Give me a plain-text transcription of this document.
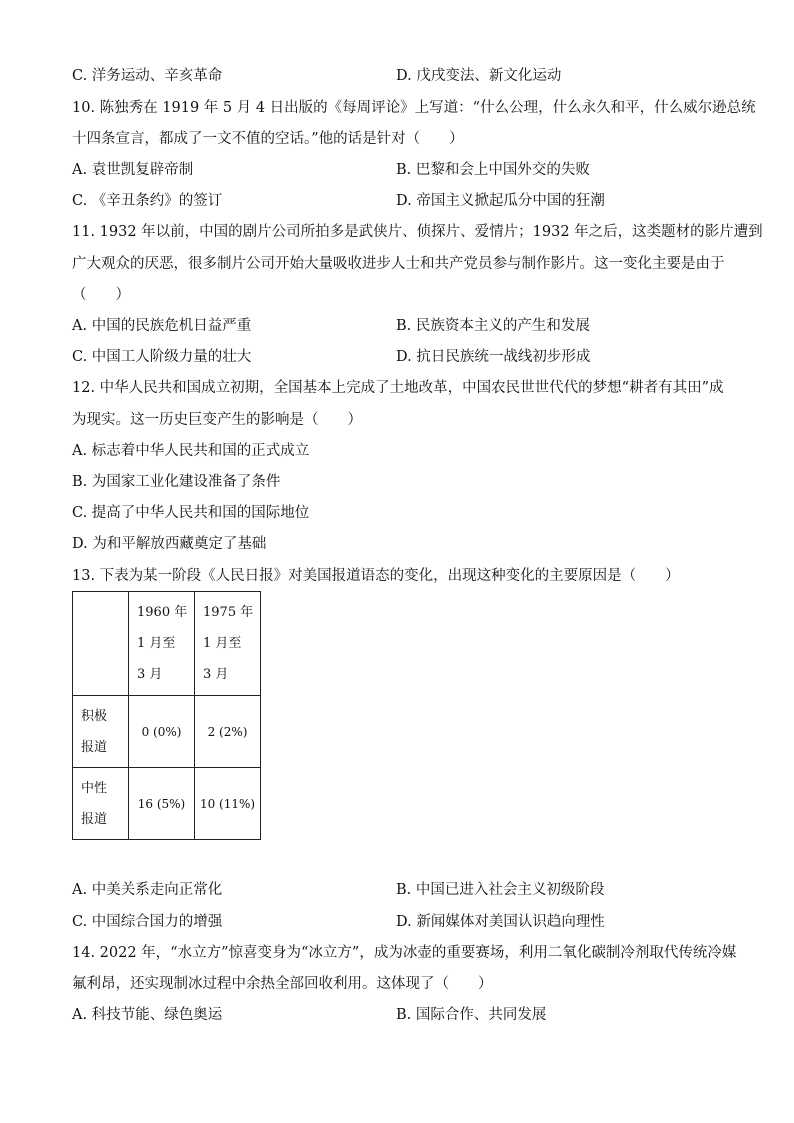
C. 洋务运动、辛亥革命	D. 戊戌变法、新文化运动
10. 陈独秀在 1919 年 5 月 4 日出版的《每周评论》上写道：“什么公理，什么永久和平，什么威尔逊总统
十四条宣言，都成了一文不值的空话。”他的话是针对（　　）
A. 袁世凯复辟帝制	B. 巴黎和会上中国外交的失败
C. 《辛丑条约》的签订	D. 帝国主义掀起瓜分中国的狂潮
11. 1932 年以前，中国的剧片公司所拍多是武侠片、侦探片、爱情片；1932 年之后，这类题材的影片遭到
广大观众的厌恶，很多制片公司开始大量吸收进步人士和共产党员参与制作影片。这一变化主要是由于
（　　）
A. 中国的民族危机日益严重	B. 民族资本主义的产生和发展
C. 中国工人阶级力量的壮大	D. 抗日民族统一战线初步形成
12. 中华人民共和国成立初期，全国基本上完成了土地改革，中国农民世世代代的梦想“耕者有其田”成
为现实。这一历史巨变产生的影响是（　　）
A. 标志着中华人民共和国的正式成立
B. 为国家工业化建设准备了条件
C. 提高了中华人民共和国的国际地位
D. 为和平解放西藏奠定了基础
13. 下表为某一阶段《人民日报》对美国报道语态的变化，出现这种变化的主要原因是（　　）

	1960 年
1 月至
3 月	1975 年
1 月至
3 月

积极
报道	0 (0%)	2 (2%)

中性
报道	16 (5%)	10 (11%)
A. 中美关系走向正常化	B. 中国已进入社会主义初级阶段
C. 中国综合国力的增强	D. 新闻媒体对美国认识趋向理性
14. 2022 年，“水立方”惊喜变身为“冰立方”，成为冰壶的重要赛场，利用二氧化碳制冷剂取代传统冷媒
氟利昂，还实现制冰过程中余热全部回收利用。这体现了（　　）
A. 科技节能、绿色奥运	B. 国际合作、共同发展
